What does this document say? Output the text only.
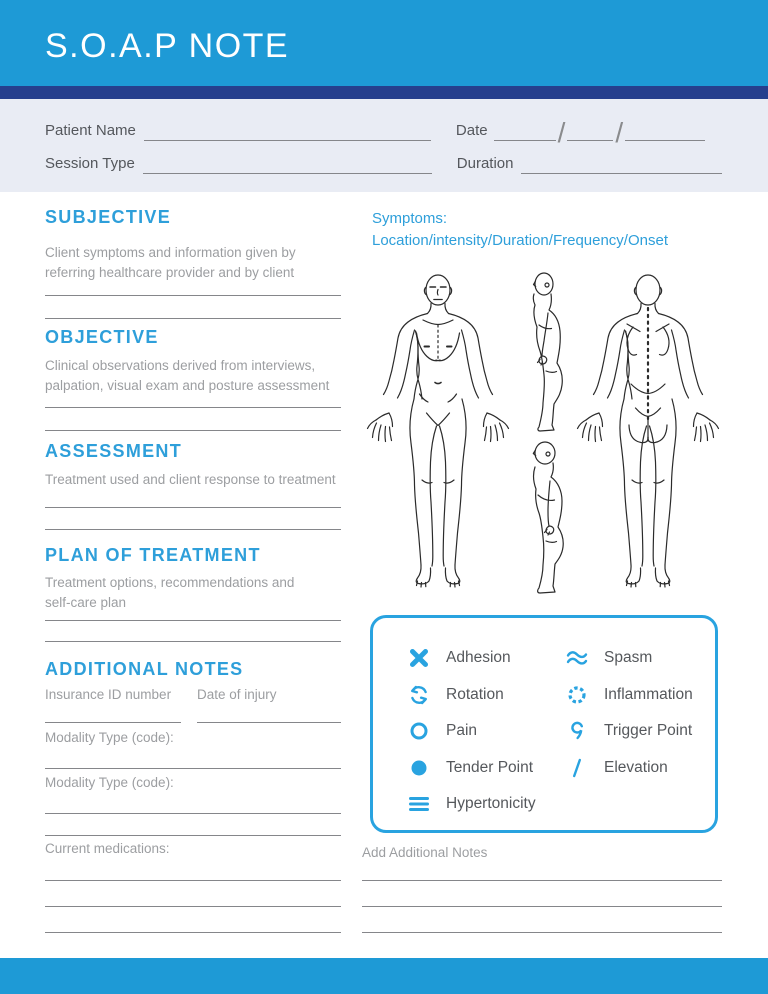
S.O.A.P NOTE
Patient Name	Date	/ /
Session Type	Duration
SUBJECTIVE
Client symptoms and information given by referring healthcare provider and by client
OBJECTIVE
Clinical observations derived from interviews, palpation, visual exam and posture assessment
ASSESSMENT
Treatment used and client response to treatment
PLAN OF TREATMENT
Treatment options, recommendations and self-care plan
ADDITIONAL NOTES
Insurance ID number Date of injury
Modality Type (code):
Modality Type (code):
Current medications:
Symptoms:
Location/intensity/Duration/Frequency/Onset
Adhesion
Rotation
Pain
Tender Point
Hypertonicity
Spasm
Inflammation
Trigger Point
Elevation
Add Additional Notes
